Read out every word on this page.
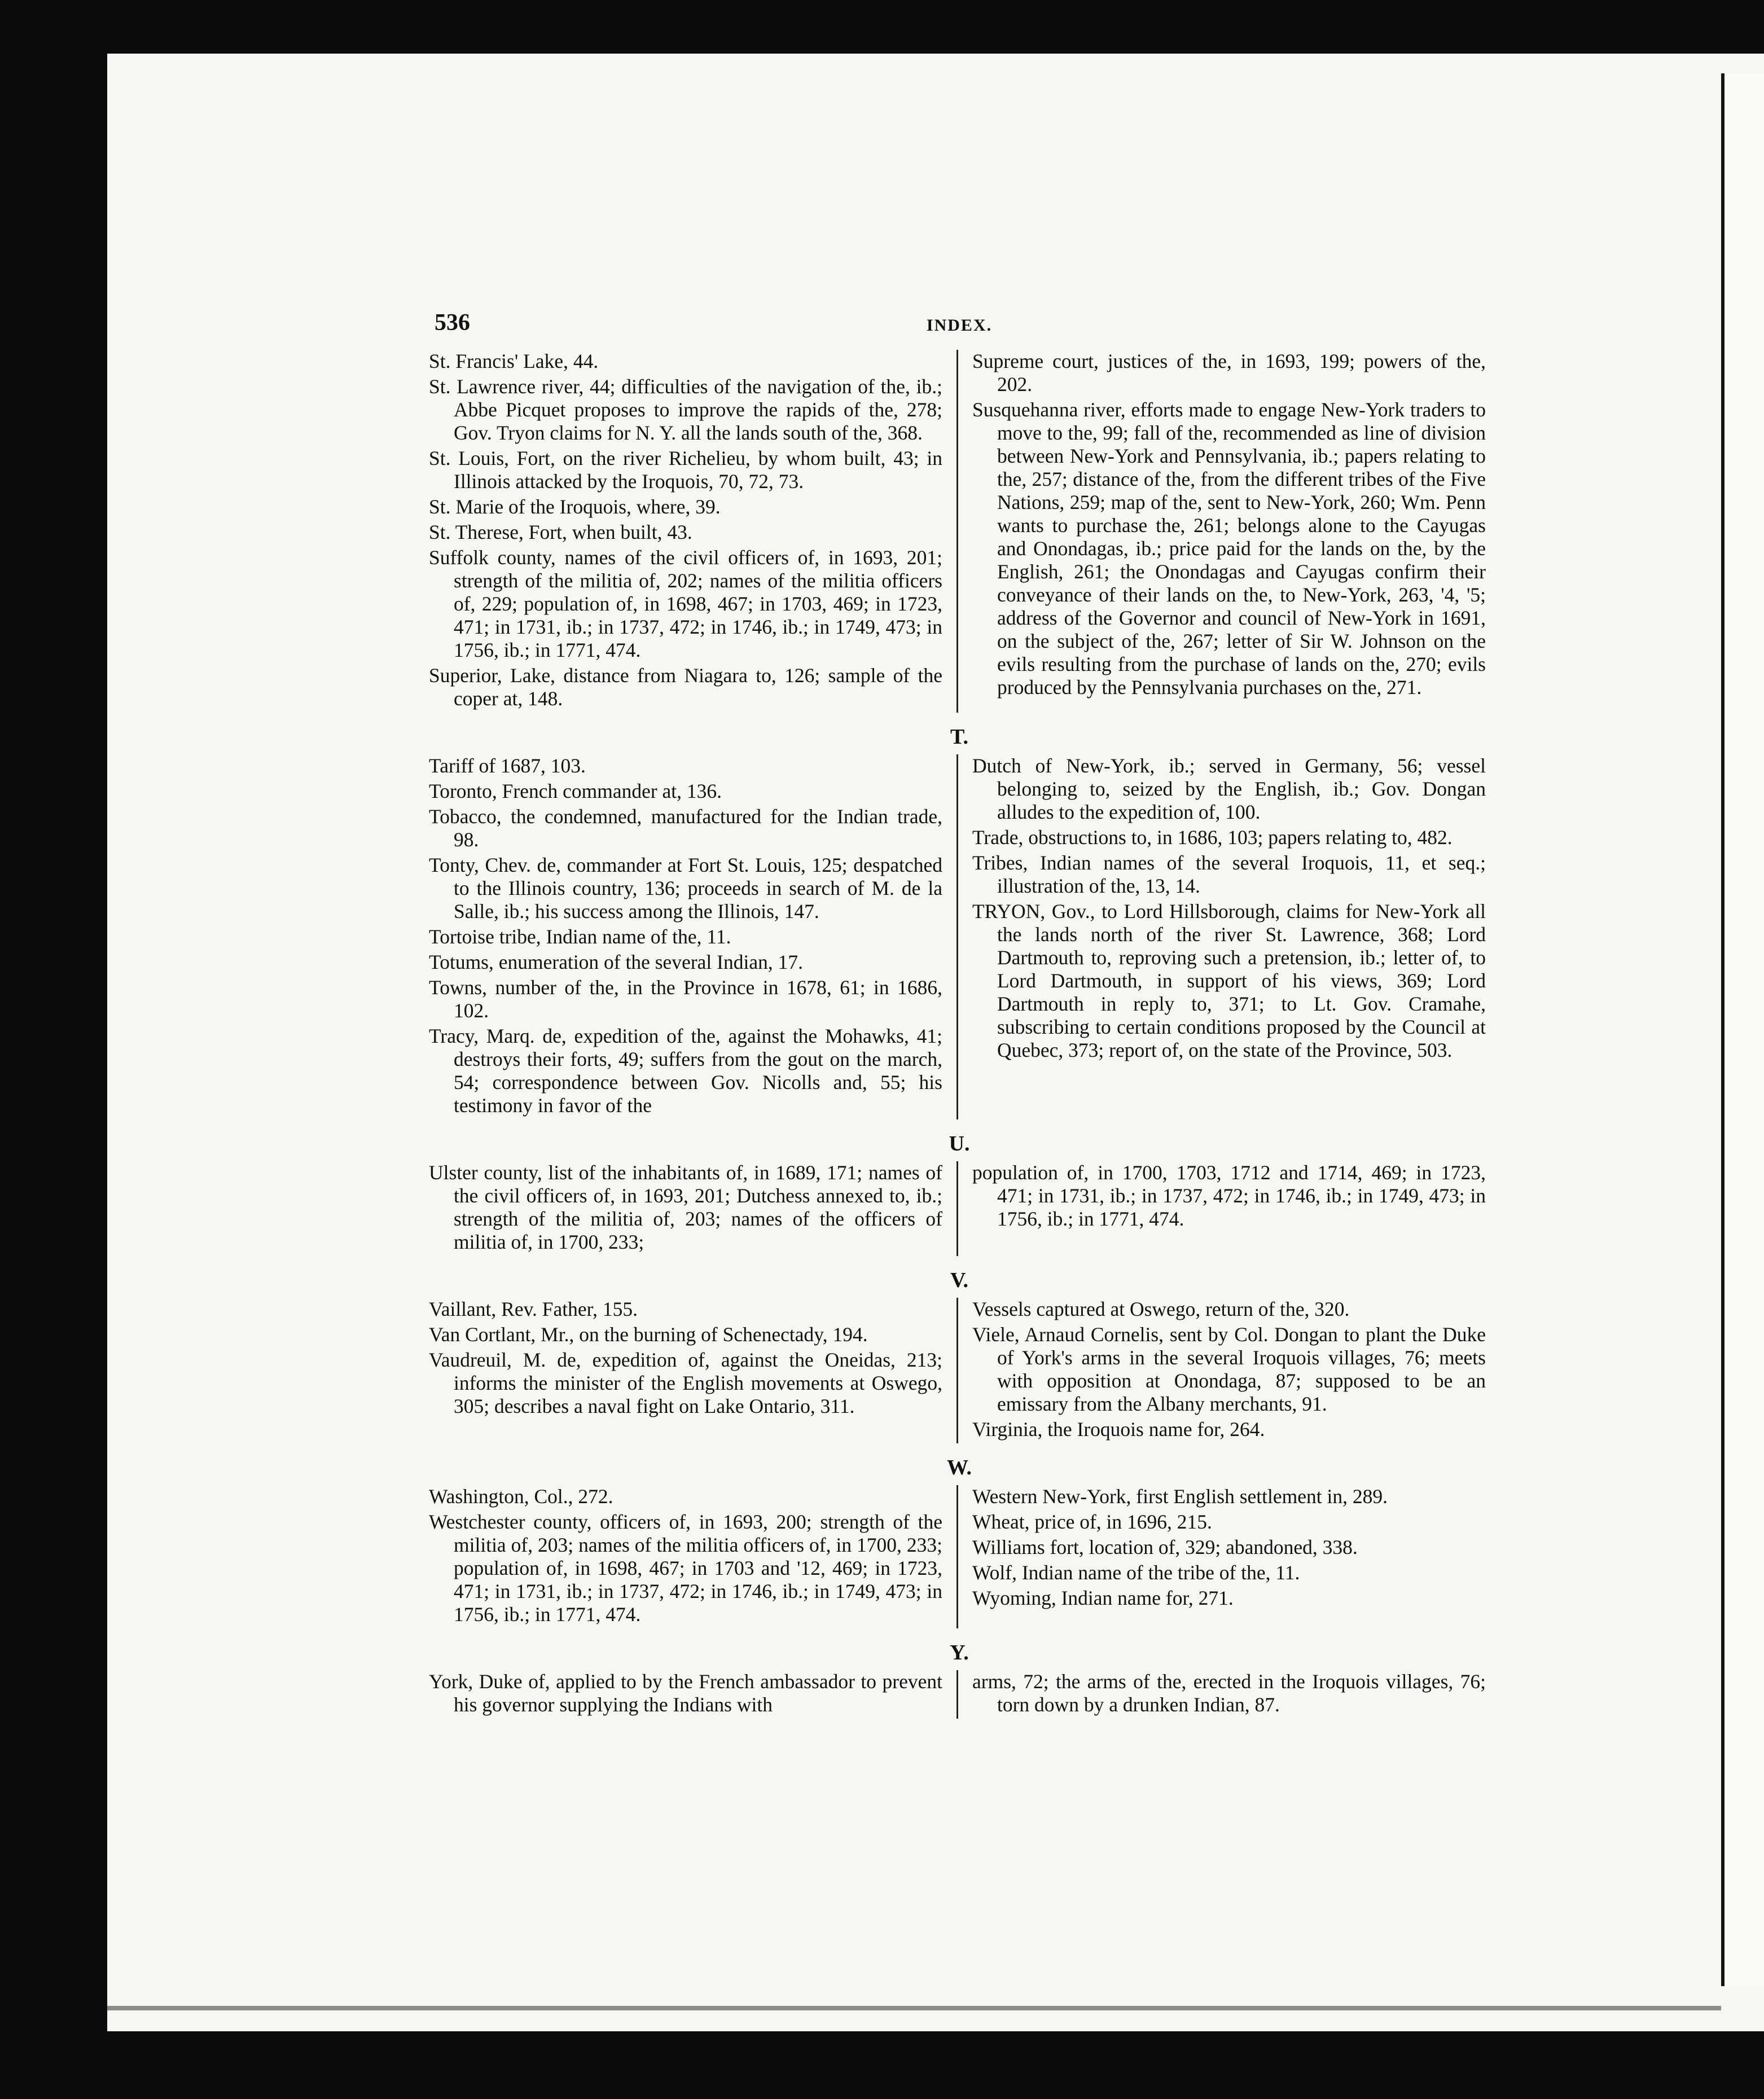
536	INDEX.

St. Francis' Lake, 44.

St. Lawrence river, 44; difficulties of the navigation of the, ib.; Abbe Picquet proposes to improve the rapids of the, 278; Gov. Tryon claims for N. Y. all the lands south of the, 368.

St. Louis, Fort, on the river Richelieu, by whom built, 43; in Illinois attacked by the Iroquois, 70, 72, 73.

St. Marie of the Iroquois, where, 39.

St. Therese, Fort, when built, 43.

Suffolk county, names of the civil officers of, in 1693, 201; strength of the militia of, 202; names of the militia officers of, 229; population of, in 1698, 467; in 1703, 469; in 1723, 471; in 1731, ib.; in 1737, 472; in 1746, ib.; in 1749, 473; in 1756, ib.; in 1771, 474.

Superior, Lake, distance from Niagara to, 126; sample of the coper at, 148.

Supreme court, justices of the, in 1693, 199; powers of the, 202.

Susquehanna river, efforts made to engage New-York traders to move to the, 99; fall of the, recommended as line of division between New-York and Pennsylvania, ib.; papers relating to the, 257; distance of the, from the different tribes of the Five Nations, 259; map of the, sent to New-York, 260; Wm. Penn wants to purchase the, 261; belongs alone to the Cayugas and Onondagas, ib.; price paid for the lands on the, by the English, 261; the Onondagas and Cayugas confirm their conveyance of their lands on the, to New-York, 263, '4, '5; address of the Governor and council of New-York in 1691, on the subject of the, 267; letter of Sir W. Johnson on the evils resulting from the purchase of lands on the, 270; evils produced by the Pennsylvania purchases on the, 271.

T.

Tariff of 1687, 103.

Toronto, French commander at, 136.

Tobacco, the condemned, manufactured for the Indian trade, 98.

Tonty, Chev. de, commander at Fort St. Louis, 125; despatched to the Illinois country, 136; proceeds in search of M. de la Salle, ib.; his success among the Illinois, 147.

Tortoise tribe, Indian name of the, 11.

Totums, enumeration of the several Indian, 17.

Towns, number of the, in the Province in 1678, 61; in 1686, 102.

Tracy, Marq. de, expedition of the, against the Mohawks, 41; destroys their forts, 49; suffers from the gout on the march, 54; correspondence between Gov. Nicolls and, 55; his testimony in favor of the

Dutch of New-York, ib.; served in Germany, 56; vessel belonging to, seized by the English, ib.; Gov. Dongan alludes to the expedition of, 100.

Trade, obstructions to, in 1686, 103; papers relating to, 482.

Tribes, Indian names of the several Iroquois, 11, et seq.; illustration of the, 13, 14.

TRYON, Gov., to Lord Hillsborough, claims for New-York all the lands north of the river St. Lawrence, 368; Lord Dartmouth to, reproving such a pretension, ib.; letter of, to Lord Dartmouth, in support of his views, 369; Lord Dartmouth in reply to, 371; to Lt. Gov. Cramahe, subscribing to certain conditions proposed by the Council at Quebec, 373; report of, on the state of the Province, 503.

U.

Ulster county, list of the inhabitants of, in 1689, 171; names of the civil officers of, in 1693, 201; Dutchess annexed to, ib.; strength of the militia of, 203; names of the officers of militia of, in 1700, 233;

population of, in 1700, 1703, 1712 and 1714, 469; in 1723, 471; in 1731, ib.; in 1737, 472; in 1746, ib.; in 1749, 473; in 1756, ib.; in 1771, 474.

V.

Vaillant, Rev. Father, 155.

Van Cortlant, Mr., on the burning of Schenectady, 194.

Vaudreuil, M. de, expedition of, against the Oneidas, 213; informs the minister of the English movements at Oswego, 305; describes a naval fight on Lake Ontario, 311.

Vessels captured at Oswego, return of the, 320.

Viele, Arnaud Cornelis, sent by Col. Dongan to plant the Duke of York's arms in the several Iroquois villages, 76; meets with opposition at Onondaga, 87; supposed to be an emissary from the Albany merchants, 91.

Virginia, the Iroquois name for, 264.

W.

Washington, Col., 272.

Westchester county, officers of, in 1693, 200; strength of the militia of, 203; names of the militia officers of, in 1700, 233; population of, in 1698, 467; in 1703 and '12, 469; in 1723, 471; in 1731, ib.; in 1737, 472; in 1746, ib.; in 1749, 473; in 1756, ib.; in 1771, 474.

Western New-York, first English settlement in, 289.

Wheat, price of, in 1696, 215.

Williams fort, location of, 329; abandoned, 338.

Wolf, Indian name of the tribe of the, 11.

Wyoming, Indian name for, 271.

Y.

York, Duke of, applied to by the French ambassador to prevent his governor supplying the Indians with

arms, 72; the arms of the, erected in the Iroquois villages, 76; torn down by a drunken Indian, 87.
